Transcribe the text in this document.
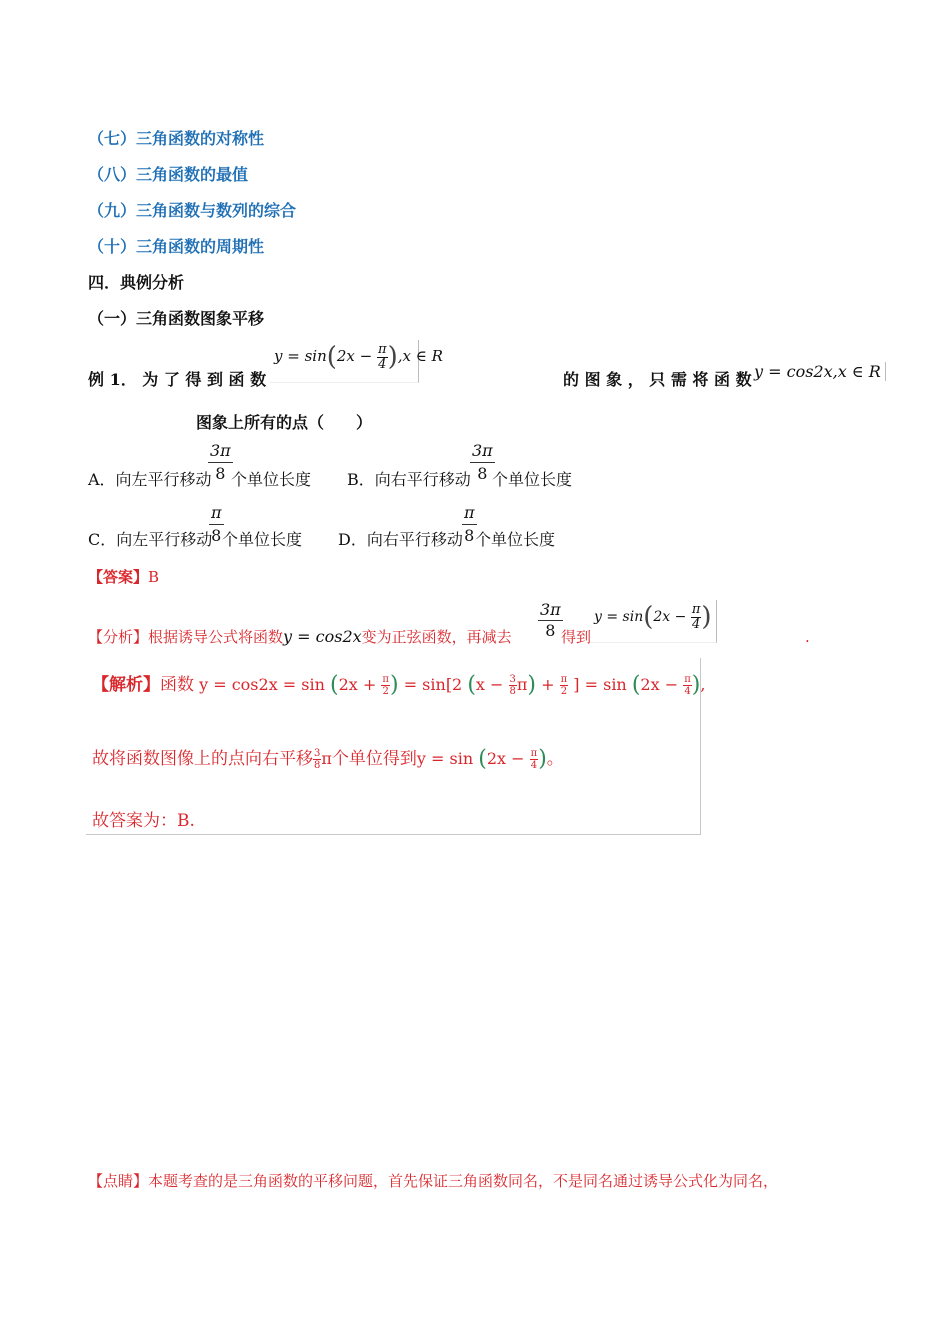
（七）三角函数的对称性
（八）三角函数的最值
（九）三角函数与数列的综合
（十）三角函数的周期性
四．典例分析
（一）三角函数图象平移
例 1． 为 了 得 到 函 数
$y = \sin(2x - \frac{\pi}{4} ),x$ ∈ R
的 图 象 ， 只 需 将 函 数 y = cos2x,x ∈ R
图象上所有的点（　　）
A．向左平行移动
$\frac{3\pi}{8}$
个单位长度 B．向右平行移动 $\frac{3\pi}{8}$
个单位长度
C．向左平行移动
$\frac{\pi}{8}$
个单位长度 D．向右平行移动 $\frac{\pi}{8}$
个单位长度
【答案】B
【分析】根据诱导公式将函数y = cos2x变为正弦函数，再减去 $\frac{3\pi}{8}$
得到
$y = \sin(2x - \frac{\pi}{4}$ )
.
【解析】函数 $y = \cos 2x = \sin (2x + \frac{\pi}{2}$ ) = sin[2 $(x - \frac{3}{8} \pi) + \frac{\pi}{2}$ ] = $\sin (2x - \frac{\pi}{4}$ ),
故将函数图像上的点向右平移 $\frac{3}{8}$ π个单位得到$y = \sin (2x - \frac{\pi}{4}$ )。
故答案为：B.
【点睛】本题考查的是三角函数的平移问题，首先保证三角函数同名，不是同名通过诱导公式化为同名，
